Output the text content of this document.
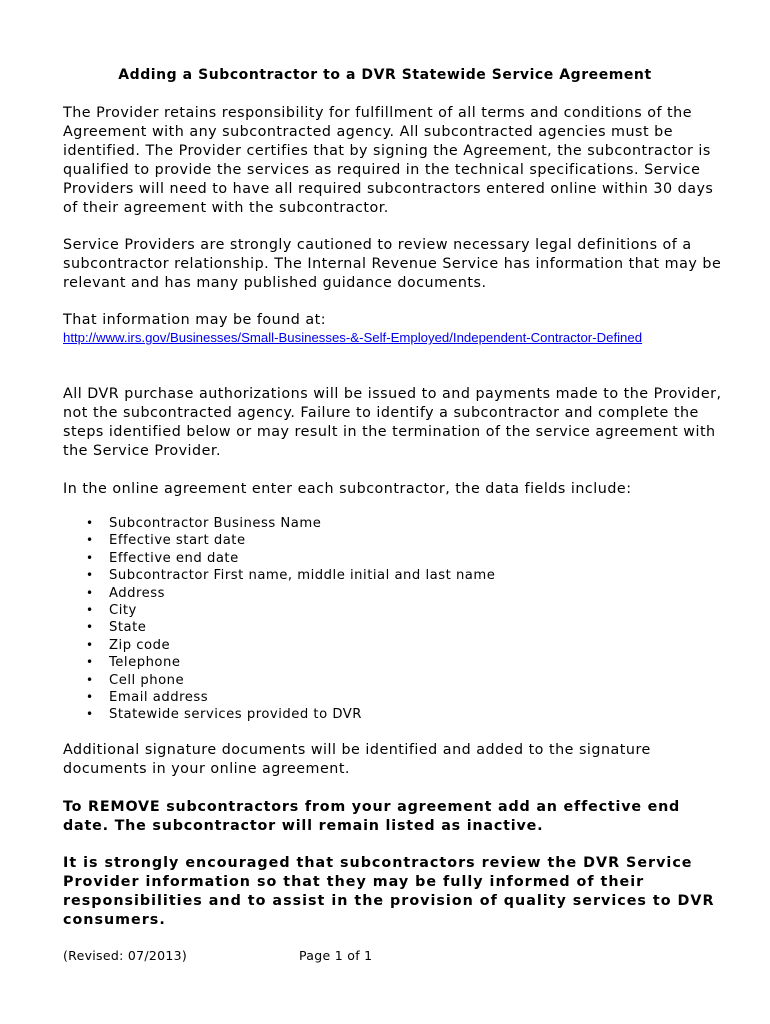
Adding a Subcontractor to a DVR Statewide Service Agreement

The Provider retains responsibility for fulfillment of all terms and conditions of the Agreement with any subcontracted agency. All subcontracted agencies must be identified. The Provider certifies that by signing the Agreement, the subcontractor is qualified to provide the services as required in the technical specifications. Service Providers will need to have all required subcontractors entered online within 30 days of their agreement with the subcontractor.

Service Providers are strongly cautioned to review necessary legal definitions of a subcontractor relationship. The Internal Revenue Service has information that may be relevant and has many published guidance documents.

That information may be found at:

http://www.irs.gov/Businesses/Small-Businesses-&-Self-Employed/Independent-Contractor-Defined

All DVR purchase authorizations will be issued to and payments made to the Provider, not the subcontracted agency. Failure to identify a subcontractor and complete the steps identified below or may result in the termination of the service agreement with the Service Provider.

In the online agreement enter each subcontractor, the data fields include:

• Subcontractor Business Name
• Effective start date
• Effective end date
• Subcontractor First name, middle initial and last name
• Address
• City
• State
• Zip code
• Telephone
• Cell phone
• Email address
• Statewide services provided to DVR

Additional signature documents will be identified and added to the signature documents in your online agreement.

To REMOVE subcontractors from your agreement add an effective end date. The subcontractor will remain listed as inactive.

It is strongly encouraged that subcontractors review the DVR Service Provider information so that they may be fully informed of their responsibilities and to assist in the provision of quality services to DVR consumers.

(Revised: 07/2013)	Page 1 of 1
